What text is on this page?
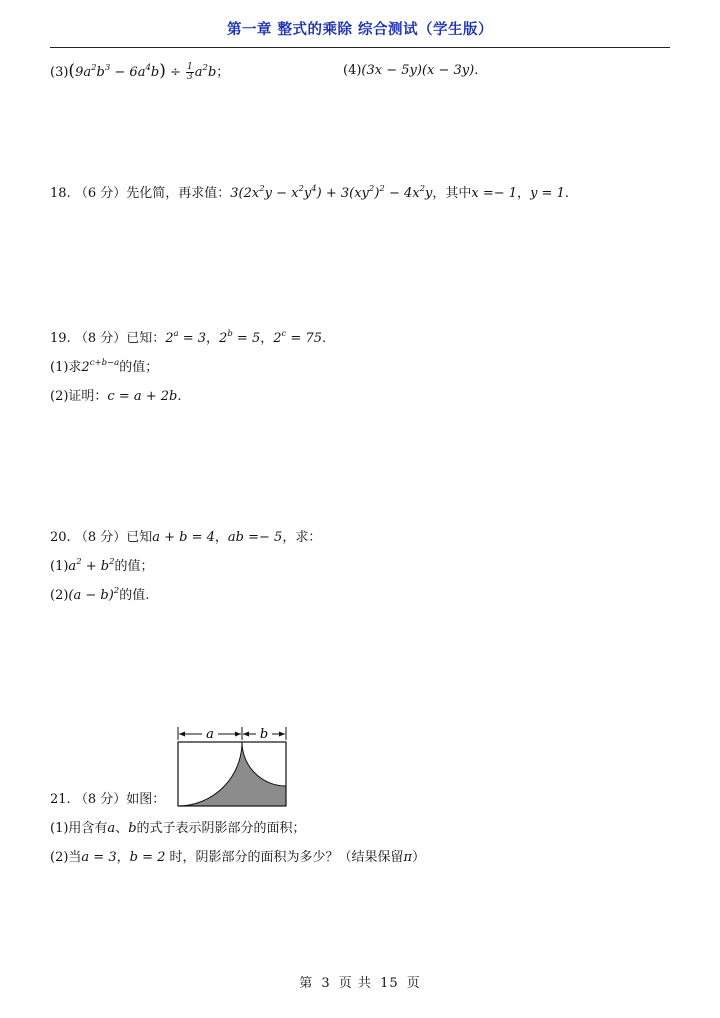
第一章 整式的乘除 综合测试（学生版）
$(3)(9a^2b^3 - 6a^4b) \div \frac{1}{3} a^2b$；	(4)(3x − 5y)(x − 3y).
18. （6 分）先化简，再求值：$3(2x^2y - x^2y^4) + 3(xy^2)^2 - 4x^2y$，其中x =− 1，y = 1.
19. （8 分）已知：$2^a = 3$，$2^b = 5$，$2^c = 75$.
(1)求$2^{c+b-a}$的值；
(2)证明：c = a + 2b.
20. （8 分）已知a + b = 4，ab =− 5，求：
$(1)a^2 + b^2$的值；
$(2)(a - b)^2$的值.
a	b
21. （8 分）如图：
(1)用含有a、b的式子表示阴影部分的面积；
(2)当a = 3，b = 2 时，阴影部分的面积为多少？（结果保留π）
第 3 页 共 15 页
